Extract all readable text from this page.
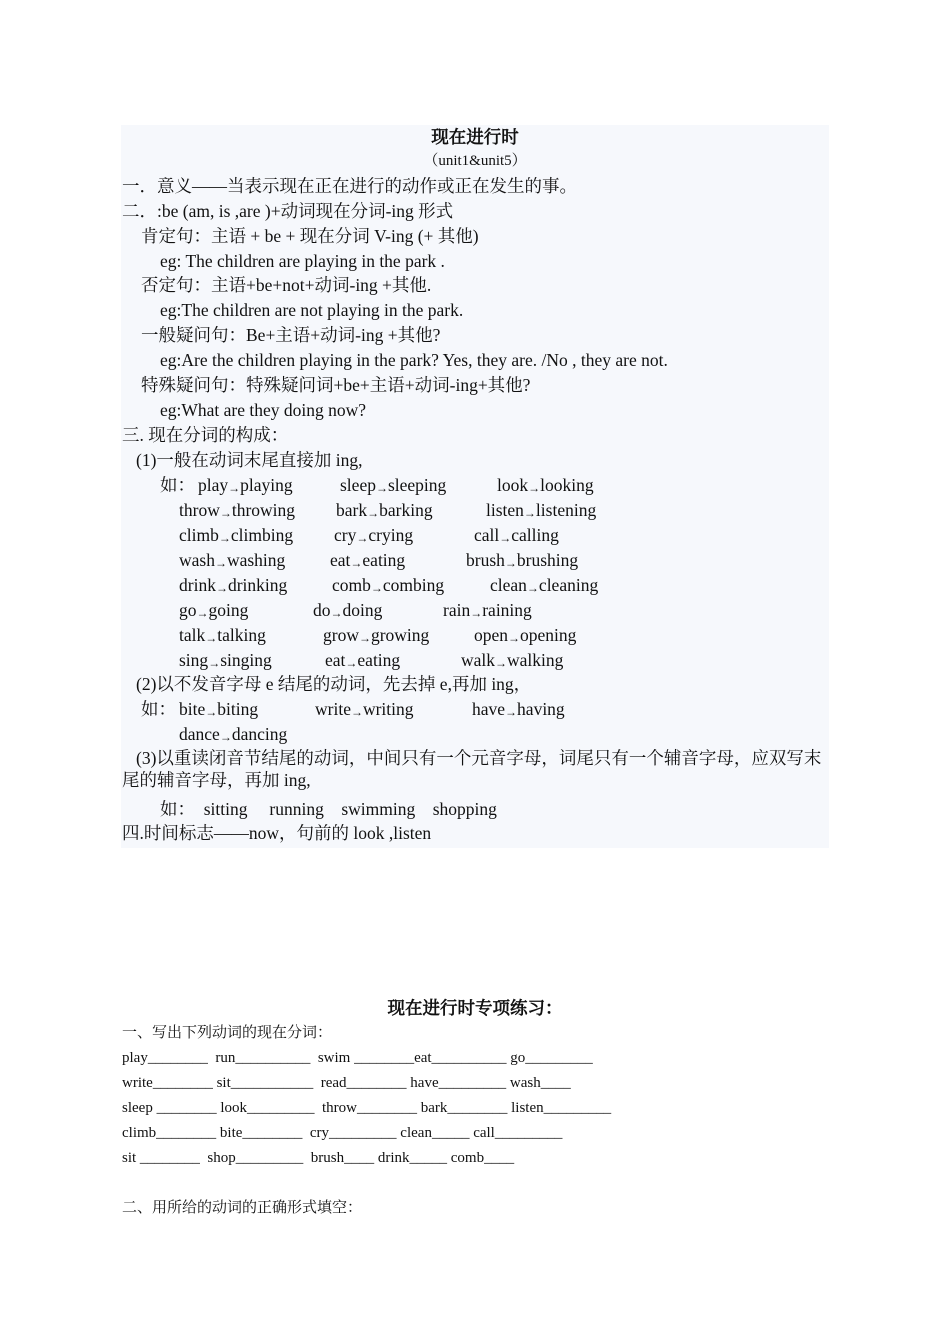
现在进行时
（unit1&unit5）
一．意义——当表示现在正在进行的动作或正在发生的事。
二．:be (am, is ,are )+动词现在分词-ing 形式
肯定句：主语 + be + 现在分词 V-ing (+ 其他)
eg: The children are playing in the park .
否定句：主语+be+not+动词-ing +其他.
eg:The children are not playing in the park.
一般疑问句：Be+主语+动词-ing +其他?
eg:Are the children playing in the park? Yes, they are. /No , they are not.
特殊疑问句：特殊疑问词+be+主语+动词-ing+其他?
eg:What are they doing now?
三. 现在分词的构成：
(1)一般在动词末尾直接加 ing,
如：
(2)以不发音字母 e 结尾的动词，先去掉 e,再加 ing，
如：
(3)以重读闭音节结尾的动词，中间只有一个元音字母，词尾只有一个辅音字母，应双写末尾的辅音字母，再加 ing,
如：  sitting     running    swimming    shopping
四.时间标志——now，句前的 look ,listen
现在进行时专项练习：
一、写出下列动词的现在分词：
play________  run__________  swim ________eat__________ go_________
write________ sit___________  read________ have_________ wash____
sleep ________ look_________  throw________ bark________ listen_________
climb________ bite________  cry_________ clean_____ call_________
sit ________  shop_________  brush____ drink_____ comb____
二、用所给的动词的正确形式填空：
play→playing	sleep→sleeping	look→looking
throw→throwing bark→barking	listen→listening
climb→climbing cry→crying	call→calling
wash→washing	eat→eating	brush→brushing
drink→drinking	comb→combing	clean→cleaning
go→going	do→doing	rain→raining
talk→talking	grow→growing	open→opening
sing→singing	eat→eating	walk→walking
bite→biting	write→writing	have→having
dance→dancing
